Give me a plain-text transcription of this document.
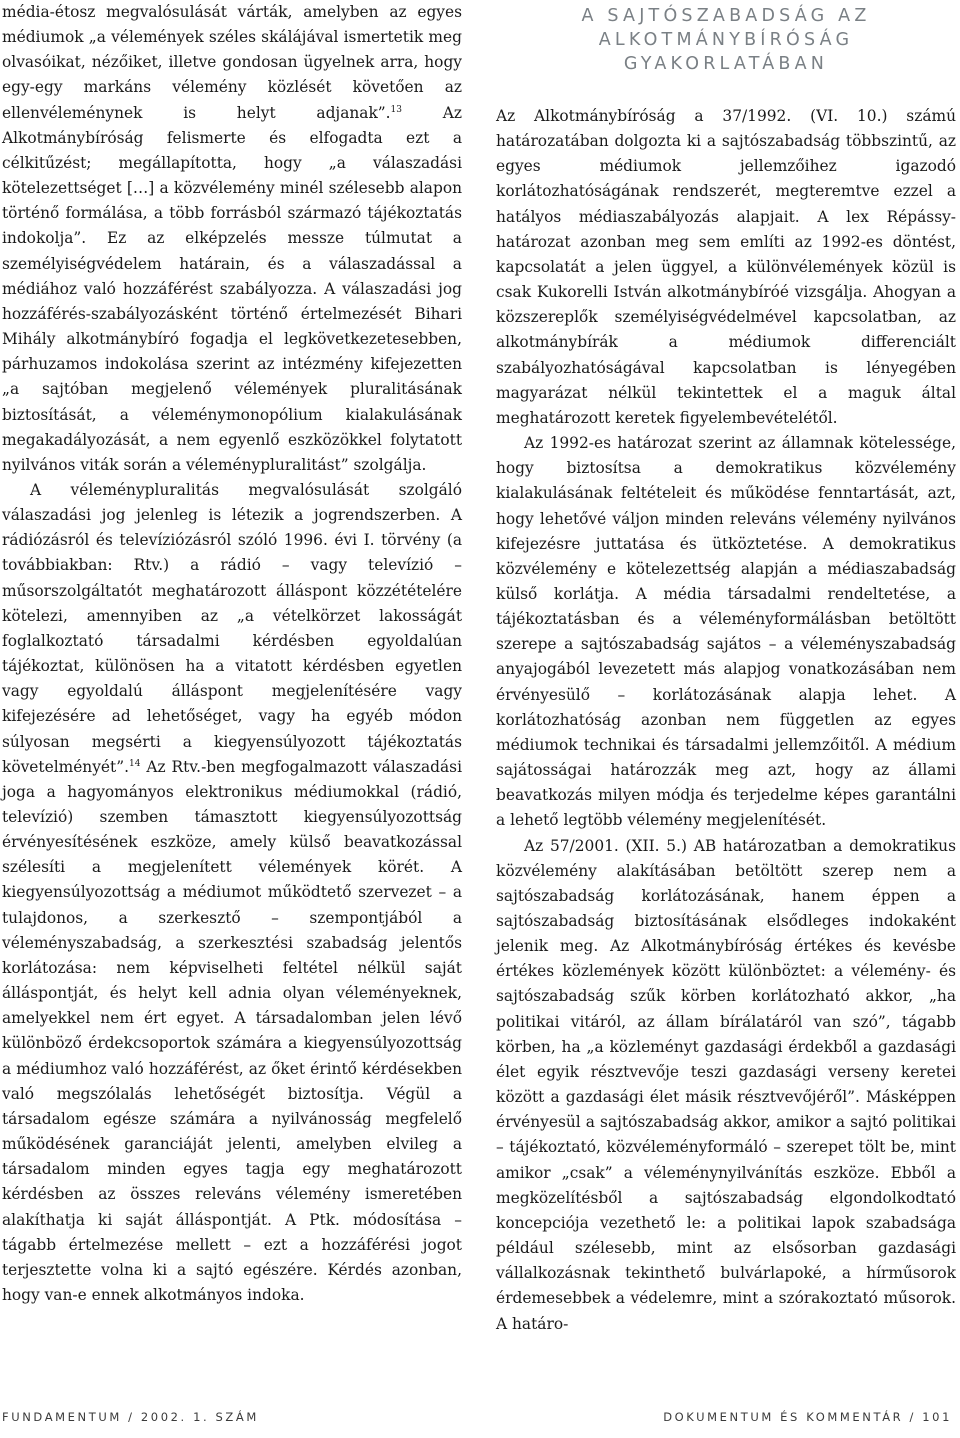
média-étosz megvalósulását várták, amelyben az egyes médiumok „a vélemények széles skálájával ismertetik meg olvasóikat, nézőiket, illetve gondosan ügyelnek arra, hogy egy-egy markáns vélemény közlését követően az ellenvéleménynek is helyt adjanak”.$^{13}$ Az Alkotmánybíróság felismerte és elfogadta ezt a célkitűzést; megállapította, hogy „a válaszadási kötelezettséget […] a közvélemény minél szélesebb alapon történő formálása, a több forrásból származó tájékoztatás indokolja”. Ez az elképzelés messze túlmutat a személyiségvédelem határain, és a válaszadással a médiához való hozzáférést szabályozza. A válaszadási jog hozzáférés-szabályozásként történő értelmezését Bihari Mihály alkotmánybíró fogadja el legkövetkezetesebben, párhuzamos indokolása szerint az intézmény kifejezetten „a sajtóban megjelenő vélemények pluralitásának biztosítását, a véleménymonopólium kialakulásának megakadályozását, a nem egyenlő eszközökkel folytatott nyilvános viták során a véleménypluralitást” szolgálja.

A véleménypluralitás megvalósulását szolgáló válaszadási jog jelenleg is létezik a jogrendszerben. A rádiózásról és televíziózásról szóló 1996. évi I. törvény (a továbbiakban: Rtv.) a rádió – vagy televízió – műsorszolgáltatót meghatározott álláspont közzétételére kötelezi, amennyiben az „a vételkörzet lakosságát foglalkoztató társadalmi kérdésben egyoldalúan tájékoztat, különösen ha a vitatott kérdésben egyetlen vagy egyoldalú álláspont megjelenítésére vagy kifejezésére ad lehetőséget, vagy ha egyéb módon súlyosan megsérti a kiegyensúlyozott tájékoztatás követelményét”.$^{14}$ Az Rtv.-ben megfogalmazott válaszadási joga a hagyományos elektronikus médiumokkal (rádió, televízió) szemben támasztott kiegyensúlyozottság érvényesítésének eszköze, amely külső beavatkozással szélesíti a megjelenített vélemények körét. A kiegyensúlyozottság a médiumot működtető szervezet – a tulajdonos, a szerkesztő – szempontjából a véleményszabadság, a szerkesztési szabadság jelentős korlátozása: nem képviselheti feltétel nélkül saját álláspontját, és helyt kell adnia olyan véleményeknek, amelyekkel nem ért egyet. A társadalomban jelen lévő különböző érdekcsoportok számára a kiegyensúlyozottság a médiumhoz való hozzáférést, az őket érintő kérdésekben való megszólalás lehetőségét biztosítja. Végül a társadalom egésze számára a nyilvánosság megfelelő működésének garanciáját jelenti, amelyben elvileg a társadalom minden egyes tagja egy meghatározott kérdésben az összes releváns vélemény ismeretében alakíthatja ki saját álláspontját. A Ptk. módosítása – tágabb értelmezése mellett – ezt a hozzáférési jogot terjesztette volna ki a sajtó egészére. Kérdés azonban, hogy van-e ennek alkotmányos indoka.

A SAJTÓSZABADSÁG AZ
ALKOTMÁNYBÍRÓSÁG
GYAKORLATÁBAN

Az Alkotmánybíróság a 37/1992. (VI. 10.) számú határozatában dolgozta ki a sajtószabadság többszintű, az egyes médiumok jellemzőihez igazodó korlátozhatóságának rendszerét, megteremtve ezzel a hatályos médiaszabályozás alapjait. A lex Répássy-határozat azonban meg sem említi az 1992-es döntést, kapcsolatát a jelen üggyel, a különvélemények közül is csak Kukorelli István alkotmánybíróé vizsgálja. Ahogyan a közszereplők személyiségvédelmével kapcsolatban, az alkotmánybírák a médiumok differenciált szabályozhatóságával kapcsolatban is lényegében magyarázat nélkül tekintettek el a maguk által meghatározott keretek figyelembevételétől.

Az 1992-es határozat szerint az államnak kötelessége, hogy biztosítsa a demokratikus közvélemény kialakulásának feltételeit és működése fenntartását, azt, hogy lehetővé váljon minden releváns vélemény nyilvános kifejezésre juttatása és ütköztetése. A demokratikus közvélemény e kötelezettség alapján a médiaszabadság külső korlátja. A média társadalmi rendeltetése, a tájékoztatásban és a véleményformálásban betöltött szerepe a sajtószabadság sajátos – a véleményszabadság anyajogából levezetett más alapjog vonatkozásában nem érvényesülő – korlátozásának alapja lehet. A korlátozhatóság azonban nem független az egyes médiumok technikai és társadalmi jellemzőitől. A médium sajátosságai határozzák meg azt, hogy az állami beavatkozás milyen módja és terjedelme képes garantálni a lehető legtöbb vélemény megjelenítését.

Az 57/2001. (XII. 5.) AB határozatban a demokratikus közvélemény alakításában betöltött szerep nem a sajtószabadság korlátozásának, hanem éppen a sajtószabadság biztosításának elsődleges indokaként jelenik meg. Az Alkotmánybíróság értékes és kevésbe értékes közlemények között különböztet: a vélemény- és sajtószabadság szűk körben korlátozható akkor, „ha politikai vitáról, az állam bírálatáról van szó”, tágabb körben, ha „a közleményt gazdasági érdekből a gazdasági élet egyik résztvevője teszi gazdasági verseny keretei között a gazdasági élet másik résztvevőjéről”. Másképpen érvényesül a sajtószabadság akkor, amikor a sajtó politikai – tájékoztató, közvéleményformáló – szerepet tölt be, mint amikor „csak” a véleménynyilvánítás eszköze. Ebből a megközelítésből a sajtószabadság elgondolkodtató koncepciója vezethető le: a politikai lapok szabadsága például szélesebb, mint az elsősorban gazdasági vállalkozásnak tekinthető bulvárlapoké, a hírműsorok érdemesebbek a védelemre, mint a szórakoztató műsorok. A határo-

FUNDAMENTUM / 2002. 1. SZÁM	DOKUMENTUM ÉS KOMMENTÁR / 101
